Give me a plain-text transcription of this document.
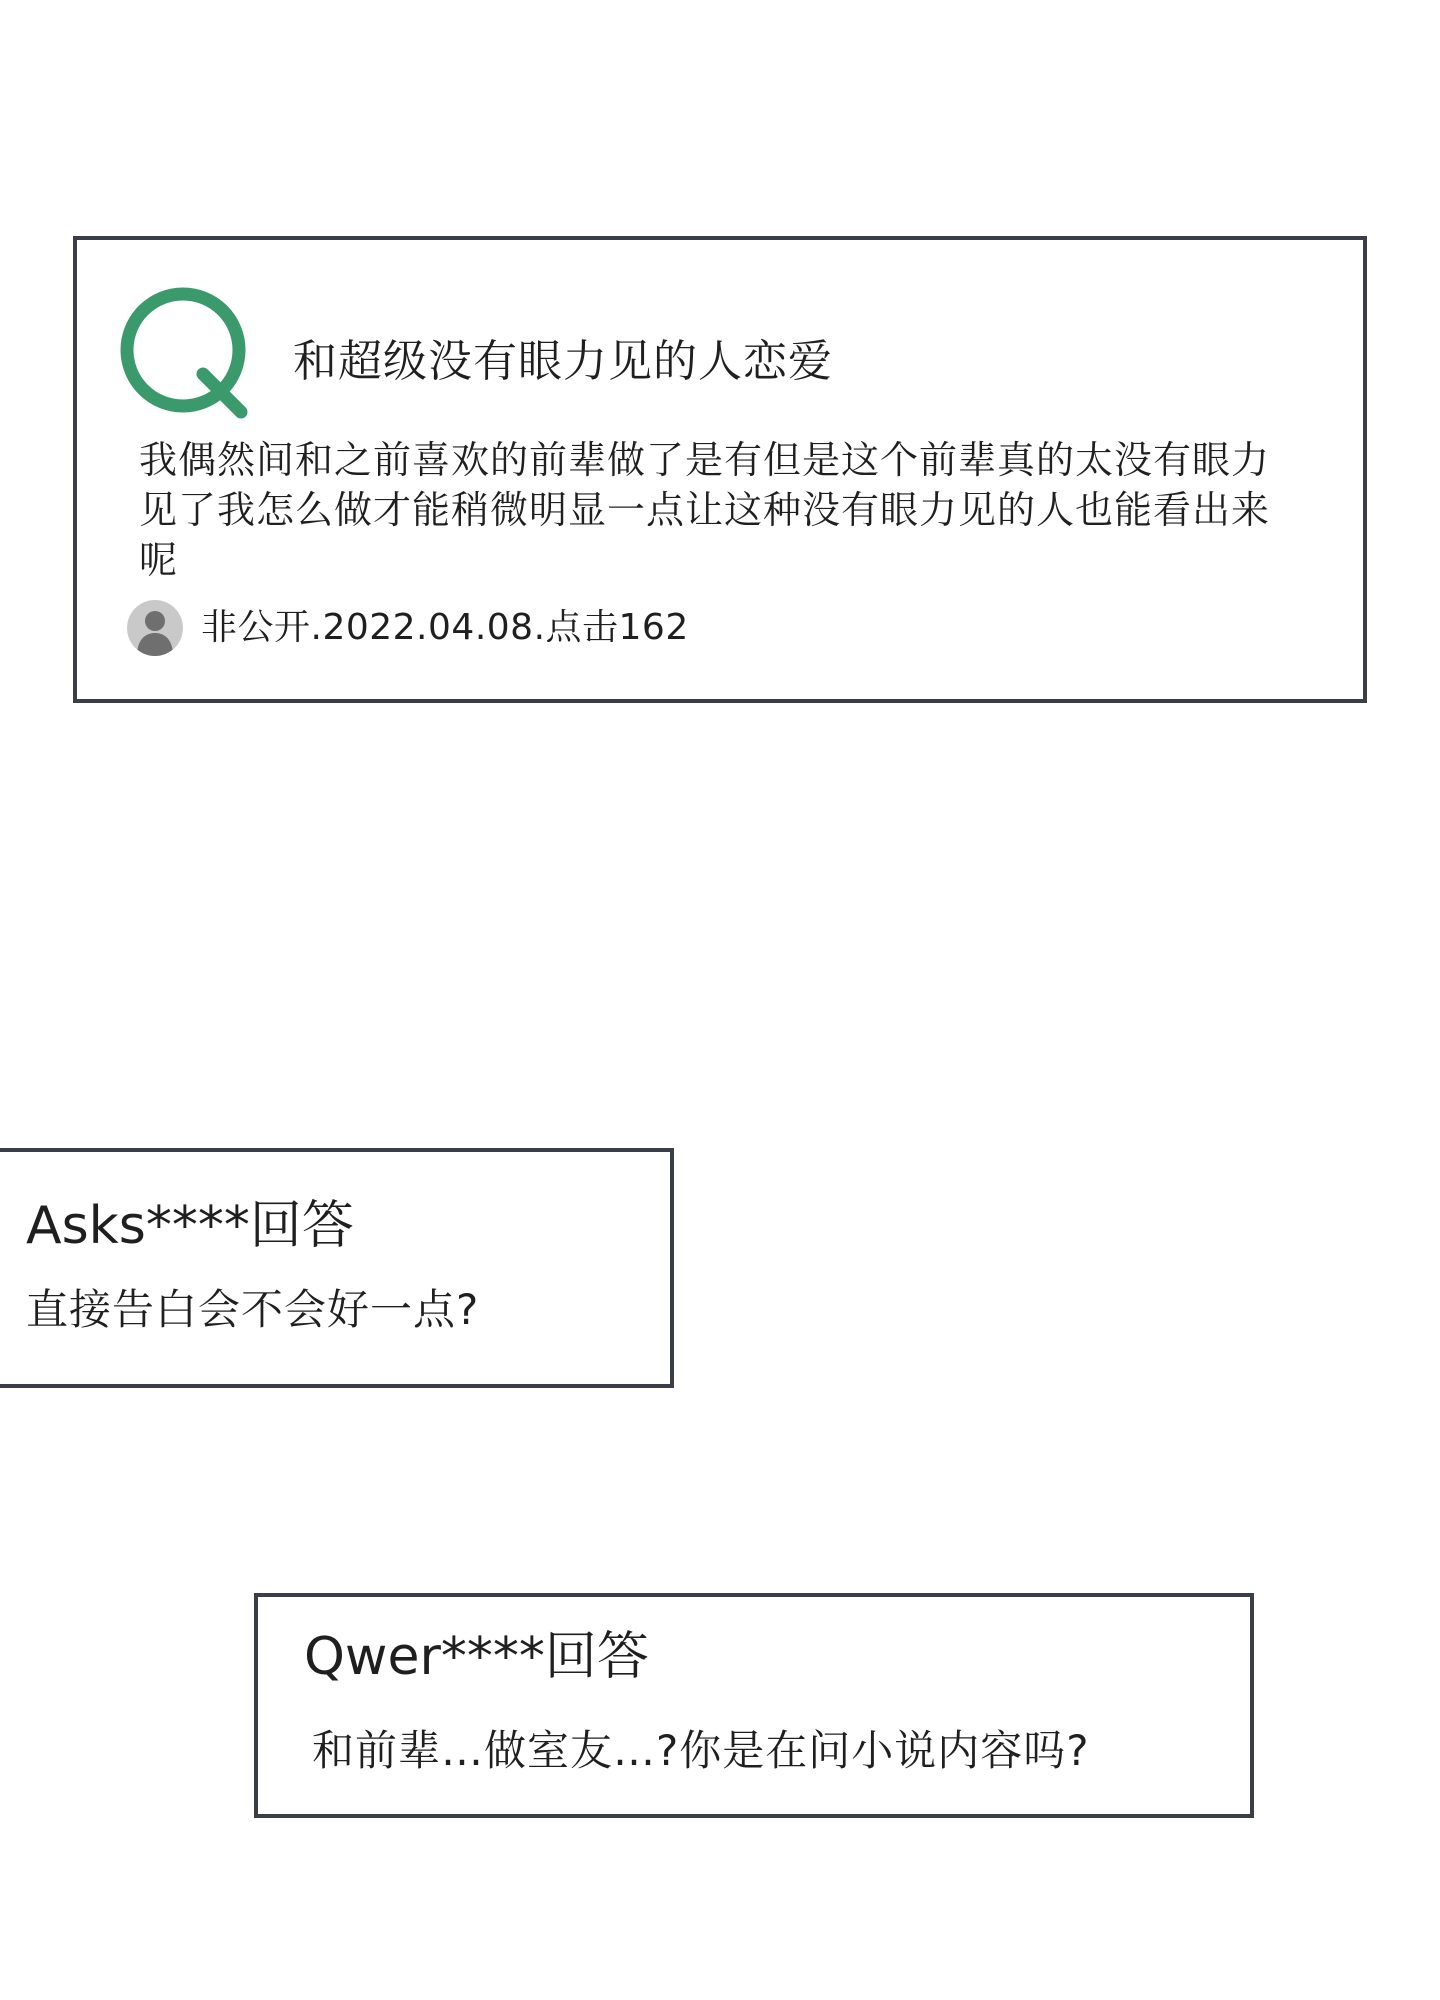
和超级没有眼力见的人恋爱
我偶然间和之前喜欢的前辈做了是有但是这个前辈真的太没有眼力见了我怎么做才能稍微明显一点让这种没有眼力见的人也能看出来呢
非公开.2022.04.08.点击162
Asks****回答
直接告白会不会好一点?
Qwer****回答
和前辈…做室友…?你是在问小说内容吗?
